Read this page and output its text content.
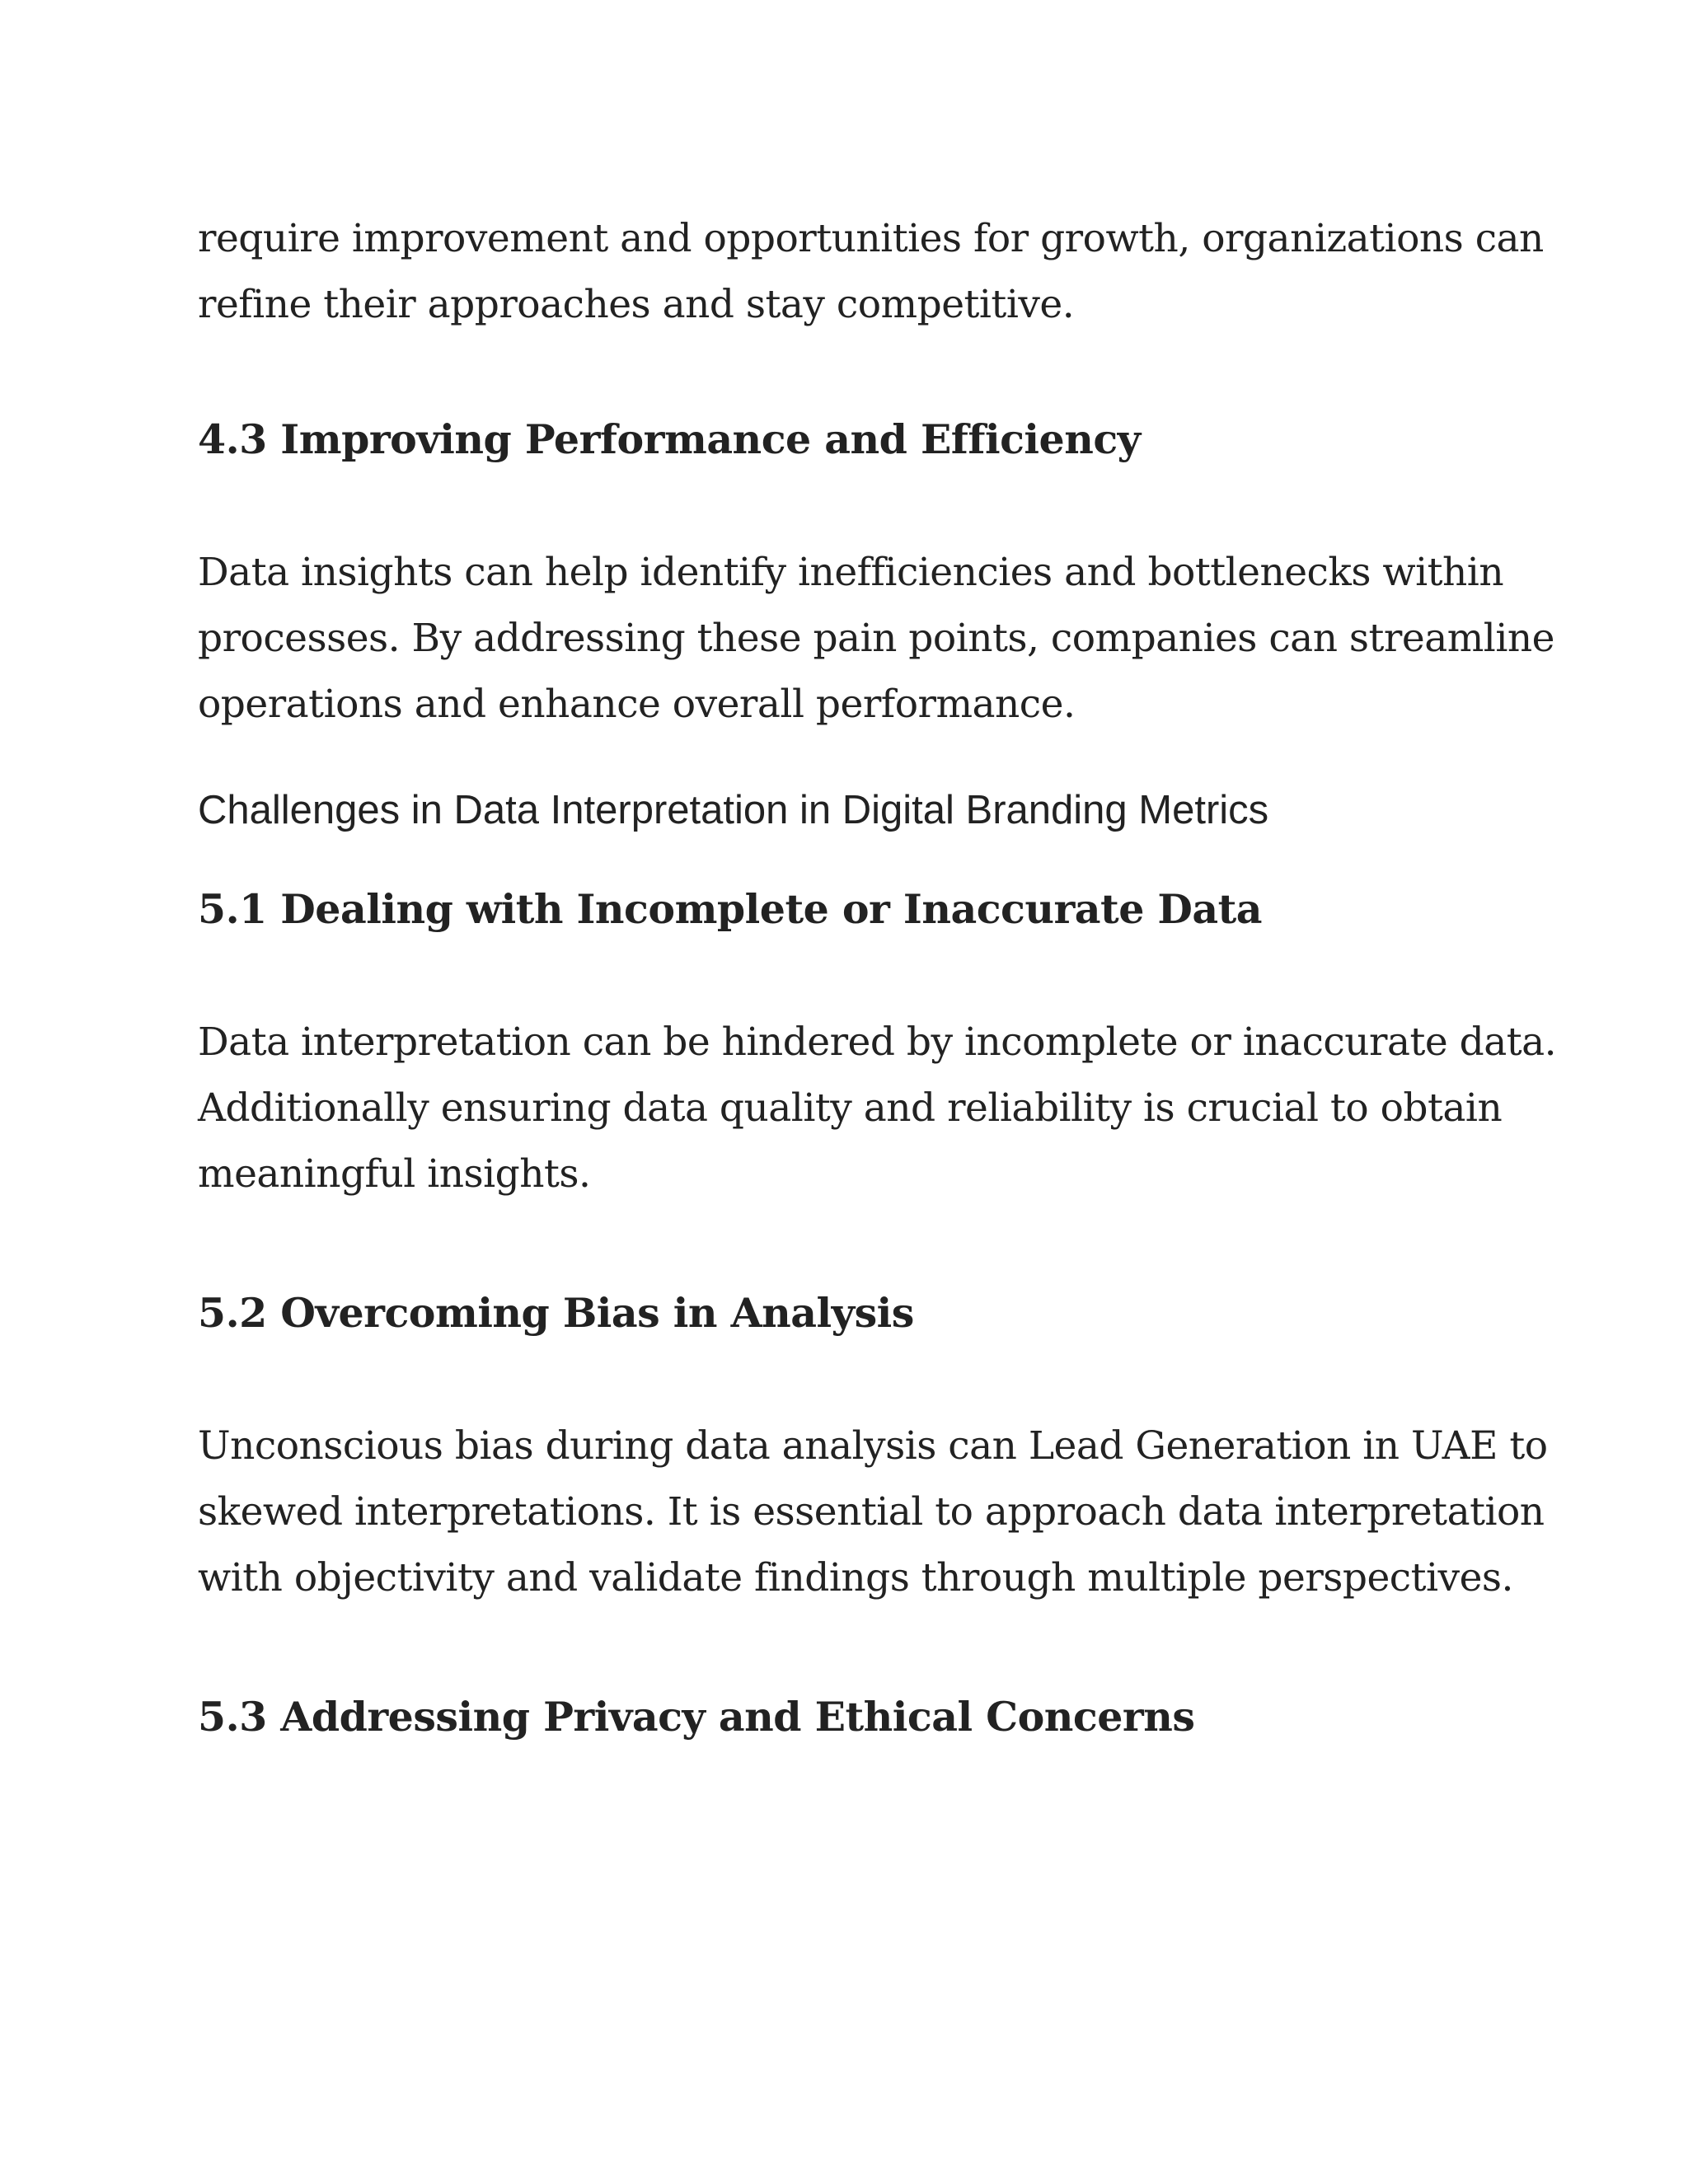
require improvement and opportunities for growth, organizations can
refine their approaches and stay competitive.

4.3 Improving Performance and Efficiency

Data insights can help identify inefficiencies and bottlenecks within
processes. By addressing these pain points, companies can streamline
operations and enhance overall performance.

Challenges in Data Interpretation in Digital Branding Metrics
5.1 Dealing with Incomplete or Inaccurate Data

Data interpretation can be hindered by incomplete or inaccurate data.
Additionally ensuring data quality and reliability is crucial to obtain
meaningful insights.

5.2 Overcoming Bias in Analysis

Unconscious bias during data analysis can Lead Generation in UAE to
skewed interpretations. It is essential to approach data interpretation
with objectivity and validate findings through multiple perspectives.

5.3 Addressing Privacy and Ethical Concerns
